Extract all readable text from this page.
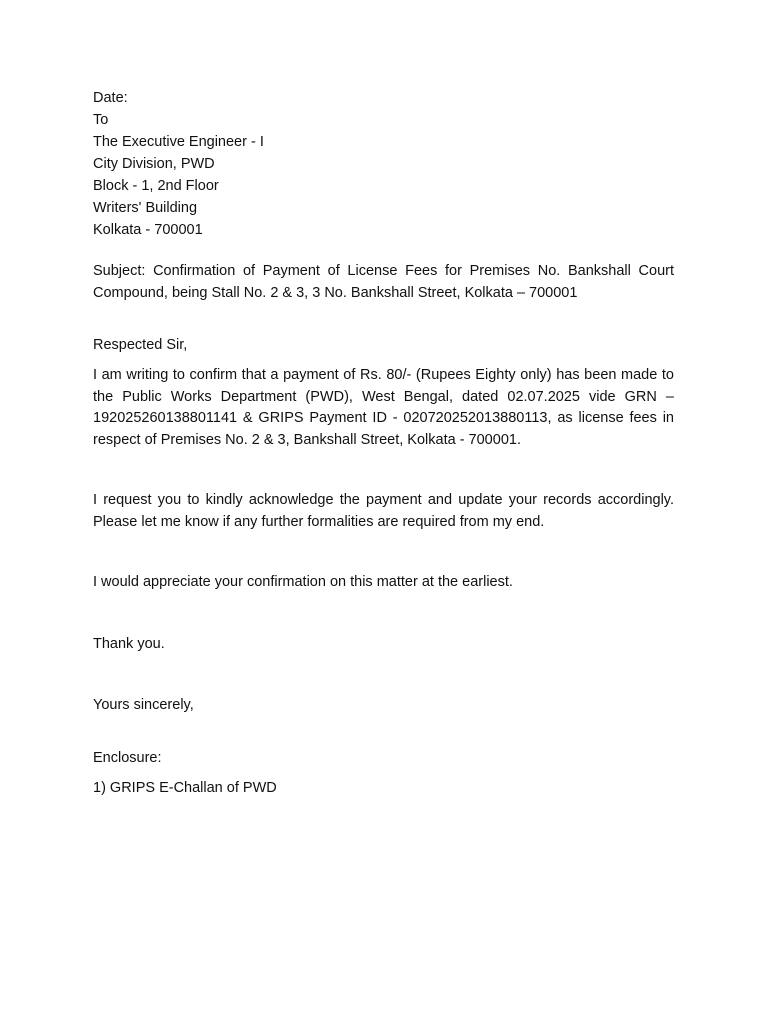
Date:
To
The Executive Engineer - I
City Division, PWD
Block - 1, 2nd Floor
Writers' Building
Kolkata - 700001

Subject: Confirmation of Payment of License Fees for Premises No. Bankshall Court Compound, being Stall No. 2 & 3, 3 No. Bankshall Street, Kolkata – 700001

Respected Sir,

I am writing to confirm that a payment of Rs. 80/- (Rupees Eighty only) has been made to the Public Works Department (PWD), West Bengal, dated 02.07.2025 vide GRN – 192025260138801141 & GRIPS Payment ID - 020720252013880113, as license fees in respect of Premises No. 2 & 3, Bankshall Street, Kolkata - 700001.

I request you to kindly acknowledge the payment and update your records accordingly. Please let me know if any further formalities are required from my end.

I would appreciate your confirmation on this matter at the earliest.

Thank you.
Yours sincerely,
Enclosure:
1) GRIPS E-Challan of PWD
